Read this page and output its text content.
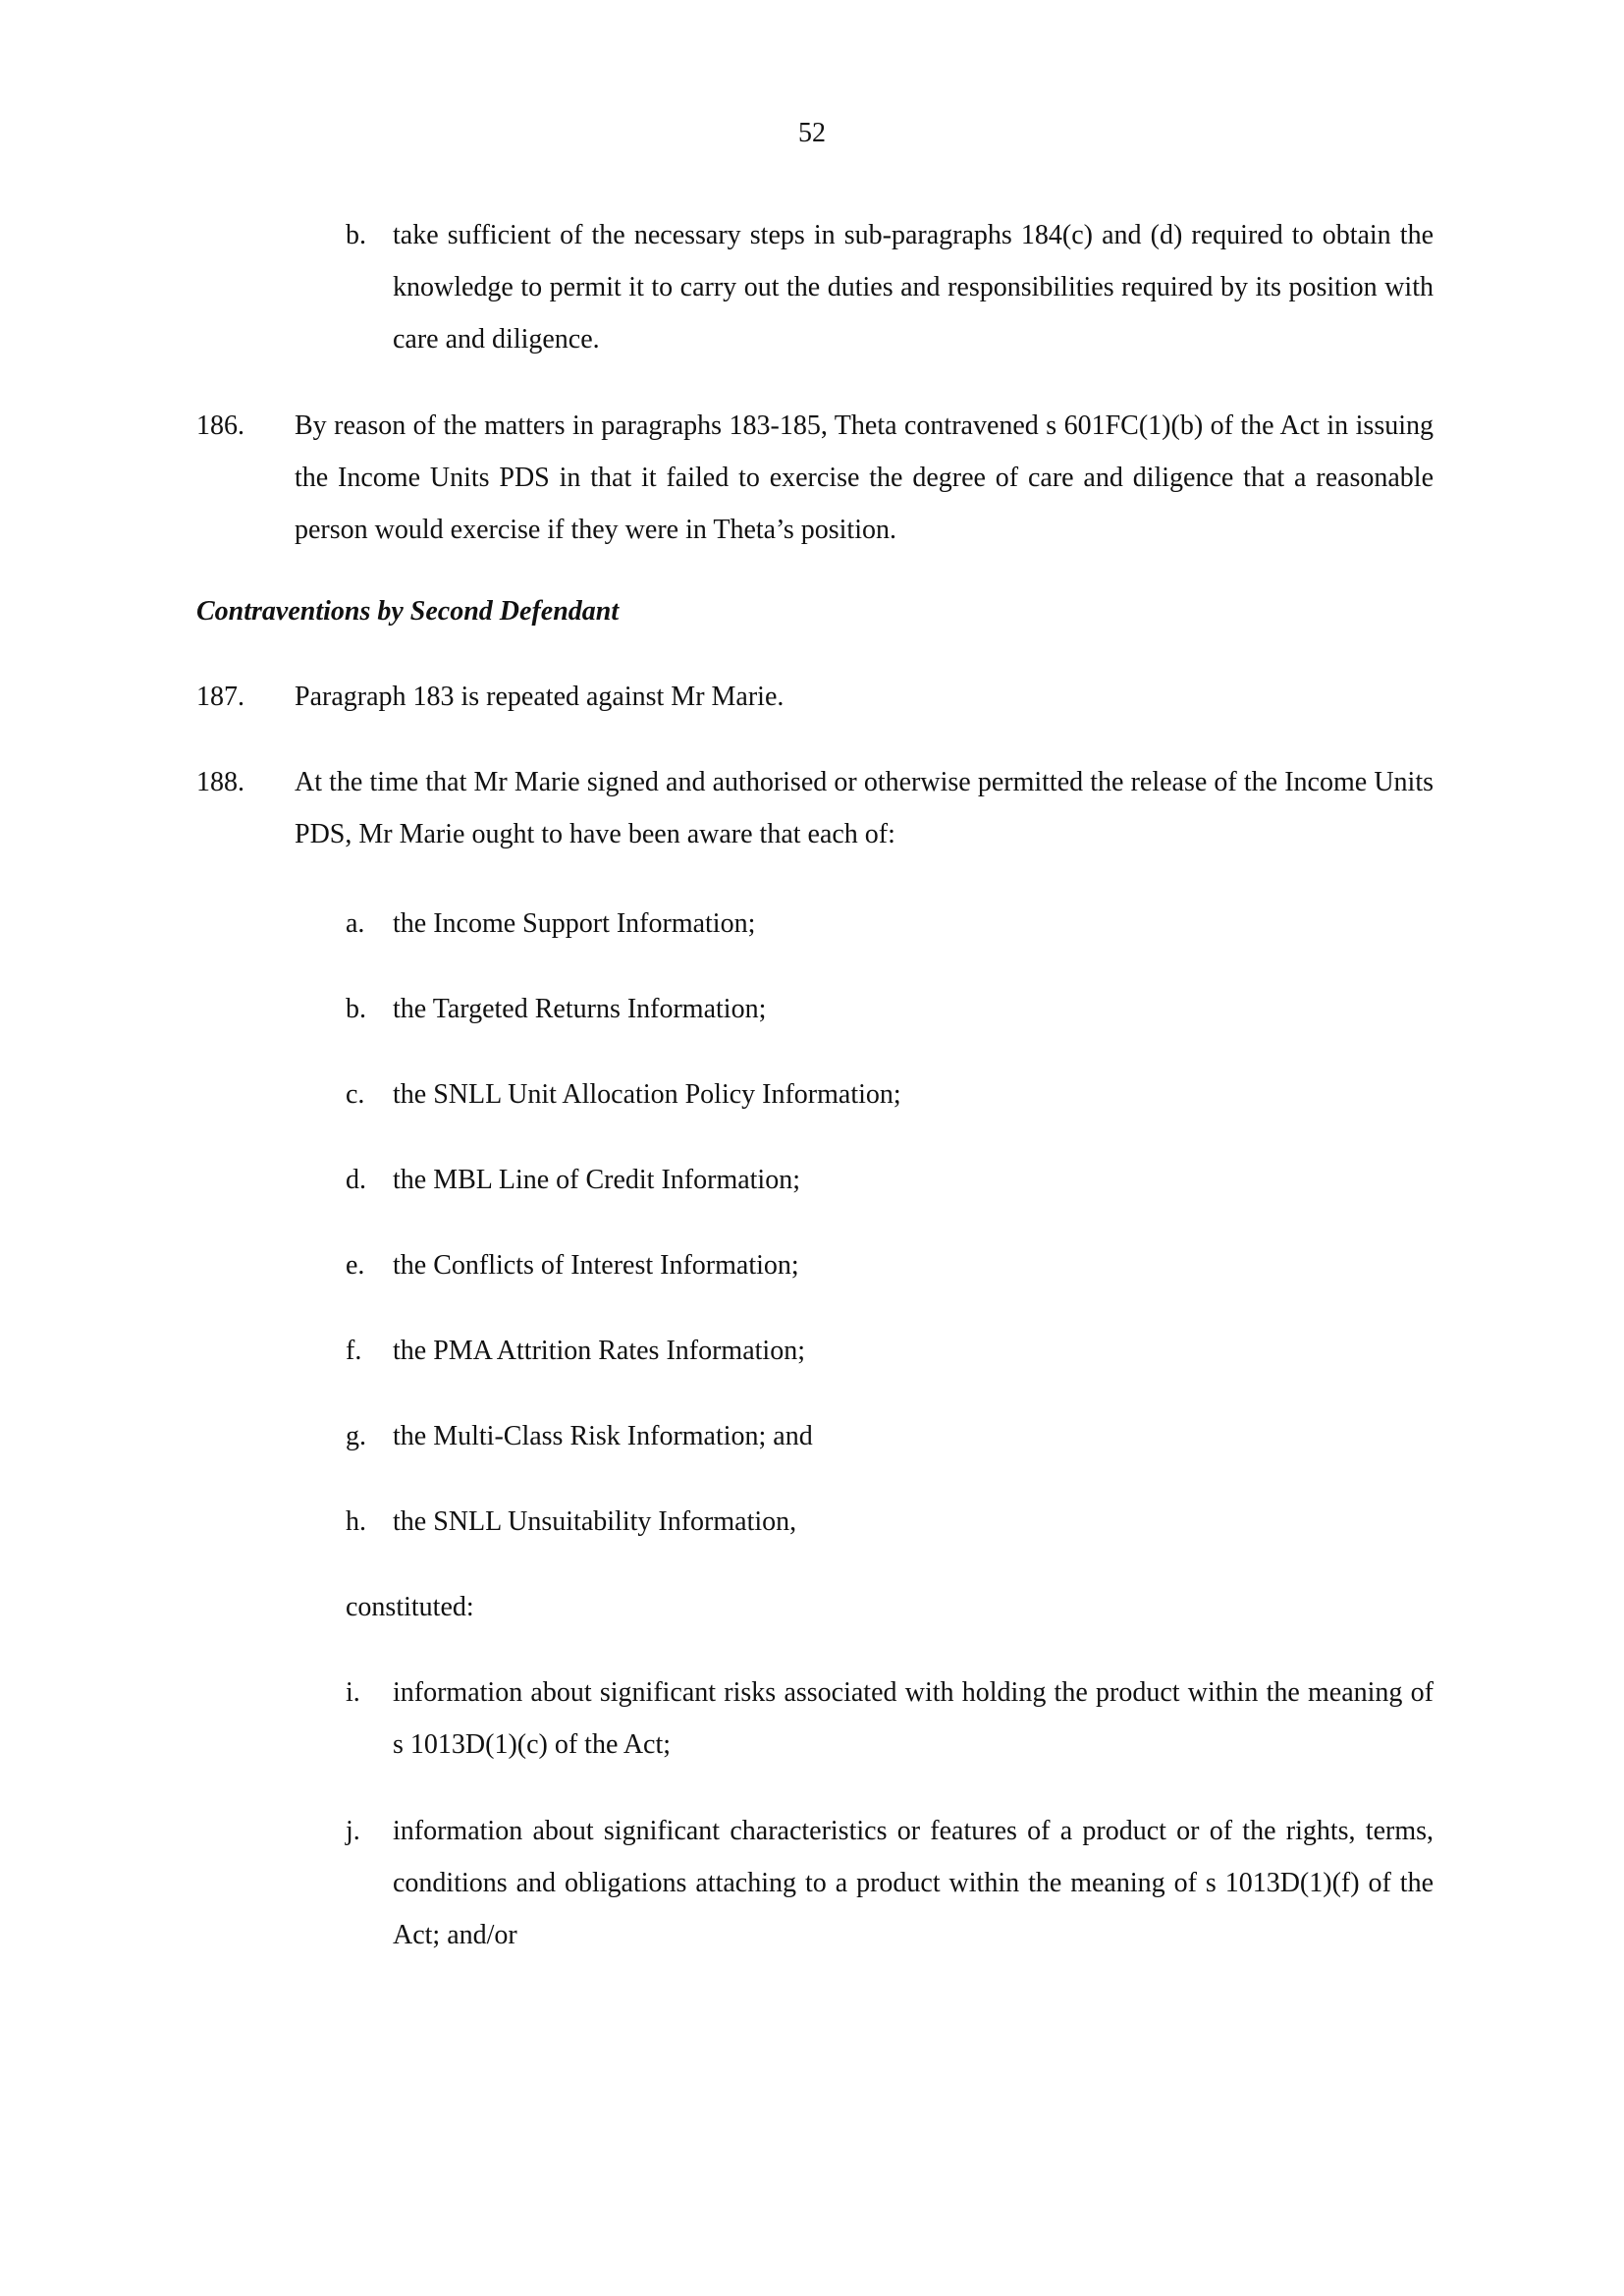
52
b. take sufficient of the necessary steps in sub-paragraphs 184(c) and (d) required to obtain the knowledge to permit it to carry out the duties and responsibilities required by its position with care and diligence.
186. By reason of the matters in paragraphs 183-185, Theta contravened s 601FC(1)(b) of the Act in issuing the Income Units PDS in that it failed to exercise the degree of care and diligence that a reasonable person would exercise if they were in Theta’s position.
Contraventions by Second Defendant
187. Paragraph 183 is repeated against Mr Marie.
188. At the time that Mr Marie signed and authorised or otherwise permitted the release of the Income Units PDS, Mr Marie ought to have been aware that each of:
a. the Income Support Information;
b. the Targeted Returns Information;
c. the SNLL Unit Allocation Policy Information;
d. the MBL Line of Credit Information;
e. the Conflicts of Interest Information;
f. the PMA Attrition Rates Information;
g. the Multi-Class Risk Information; and
h. the SNLL Unsuitability Information,
constituted:
i. information about significant risks associated with holding the product within the meaning of s 1013D(1)(c) of the Act;
j. information about significant characteristics or features of a product or of the rights, terms, conditions and obligations attaching to a product within the meaning of s 1013D(1)(f) of the Act; and/or
